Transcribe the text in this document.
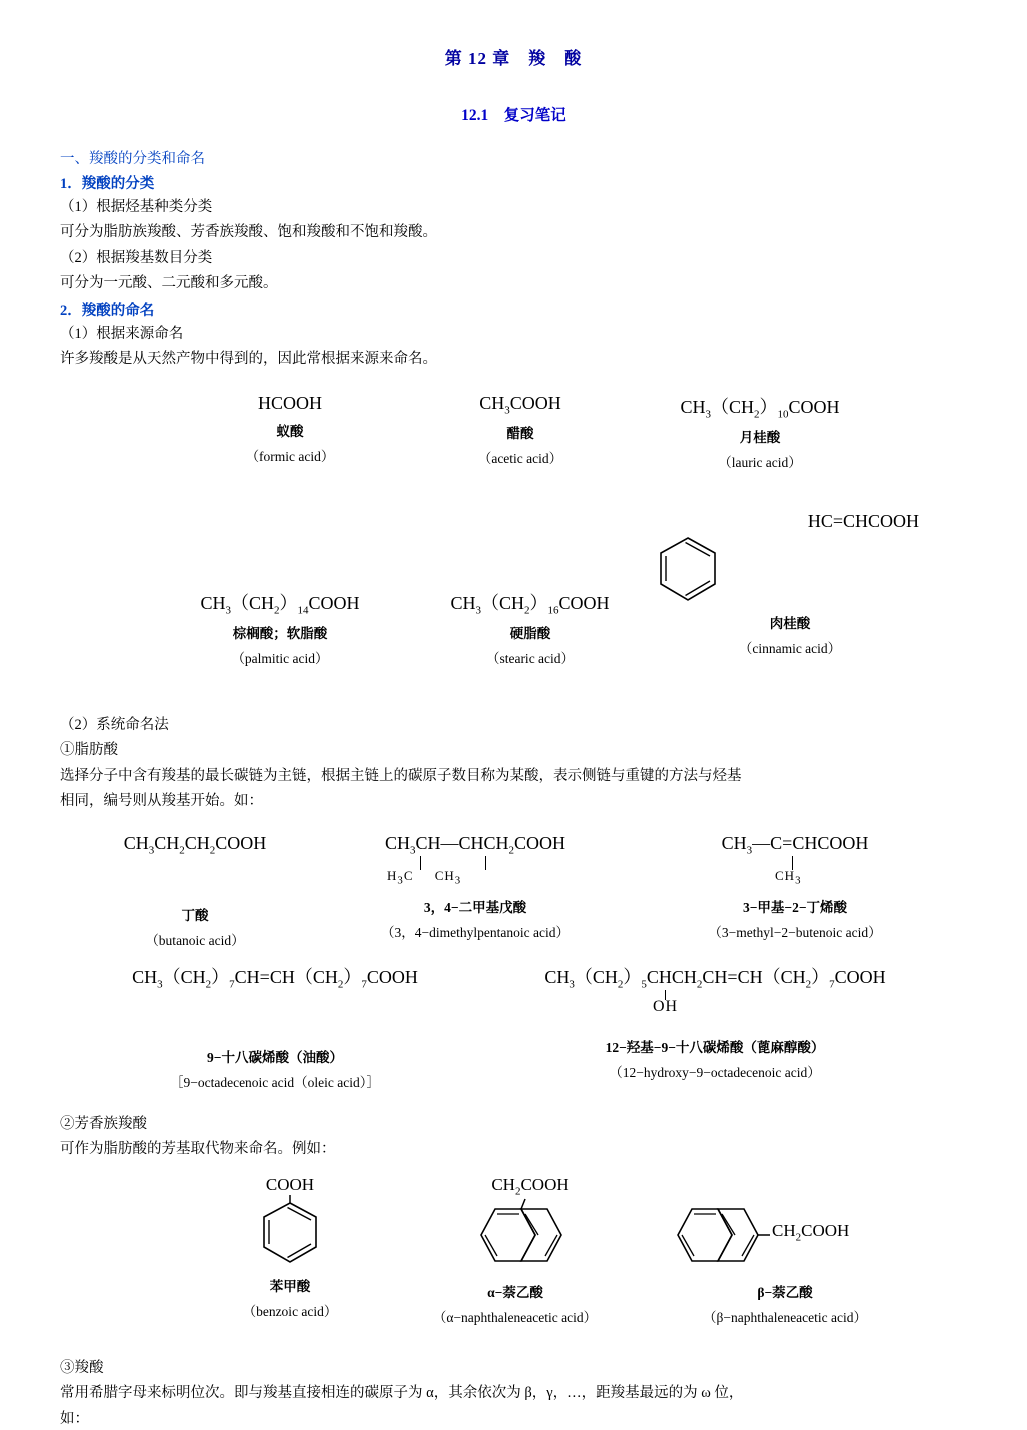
第 12 章　羧　酸
12.1　复习笔记
一、羧酸的分类和命名
1．羧酸的分类
（1）根据烃基种类分类
可分为脂肪族羧酸、芳香族羧酸、饱和羧酸和不饱和羧酸。
（2）根据羧基数目分类
可分为一元酸、二元酸和多元酸。
2．羧酸的命名
（1）根据来源命名
许多羧酸是从天然产物中得到的，因此常根据来源来命名。
HCOOH
蚁酸
（formic acid）
$CH_3COOH$
醋酸
（acetic acid）
$CH_3(CH_2)_{10}COOH$
月桂酸
（lauric acid）
$CH_3(CH_2)_{14}COOH$
棕榈酸；软脂酸
（palmitic acid）
$CH_3(CH_2)_{16}COOH$
硬脂酸
（stearic acid）
HC=CHCOOH
肉桂酸
（cinnamic acid）
（2）系统命名法
①脂肪酸
选择分子中含有羧基的最长碳链为主链，根据主链上的碳原子数目称为某酸，表示侧链与重键的方法与烃基
相同，编号则从羧基开始。如：
$CH_3CH_2CH_2COOH$
丁酸
（butanoic acid）
$CH_3CH—CHCH_2COOH$
$H_3C$     $CH_3$
3，4−二甲基戊酸
（3，4−dimethylpentanoic acid）
$CH_3—C=CHCOOH$
$CH_3$
3−甲基−2−丁烯酸
（3−methyl−2−butenoic acid）
$CH_3(CH_2)_7CH=CH(CH_2)_7COOH$
9−十八碳烯酸（油酸）
［9−octadecenoic acid（oleic acid）］
$CH_3(CH_2)_5CHCH_2CH=CH(CH_2)_7COOH$
OH
12−羟基−9−十八碳烯酸（蓖麻醇酸）
（12−hydroxy−9−octadecenoic acid）
②芳香族羧酸
可作为脂肪酸的芳基取代物来命名。例如：
COOH
苯甲酸
（benzoic acid）
$CH_2COOH$
α−萘乙酸
（α−naphthaleneacetic acid）
$CH_2COOH$
β−萘乙酸
（β−naphthaleneacetic acid）
③羧酸
常用希腊字母来标明位次。即与羧基直接相连的碳原子为 α，其余依次为 β，γ，…，距羧基最远的为 ω 位，
如：
